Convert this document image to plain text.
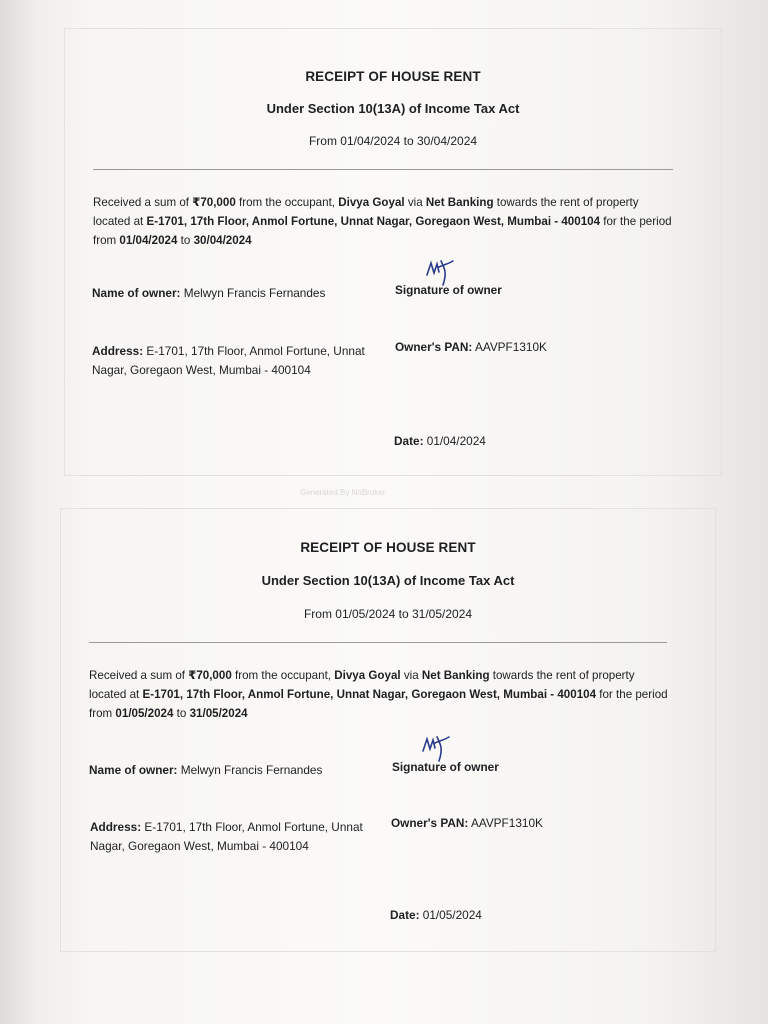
RECEIPT OF HOUSE RENT
Under Section 10(13A) of Income Tax Act
From 01/04/2024 to 30/04/2024
Received a sum of ₹70,000 from the occupant, Divya Goyal via Net Banking towards the rent of property located at E-1701, 17th Floor, Anmol Fortune, Unnat Nagar, Goregaon West, Mumbai - 400104 for the period from 01/04/2024 to 30/04/2024
Name of owner: Melwyn Francis Fernandes	Signature of owner
Address: E-1701, 17th Floor, Anmol Fortune, Unnat Nagar, Goregaon West, Mumbai - 400104
Owner's PAN: AAVPF1310K
Date: 01/04/2024
Generated By NoBroker
RECEIPT OF HOUSE RENT
Under Section 10(13A) of Income Tax Act
From 01/05/2024 to 31/05/2024
Received a sum of ₹70,000 from the occupant, Divya Goyal via Net Banking towards the rent of property located at E-1701, 17th Floor, Anmol Fortune, Unnat Nagar, Goregaon West, Mumbai - 400104 for the period from 01/05/2024 to 31/05/2024
Name of owner: Melwyn Francis Fernandes	Signature of owner
Address: E-1701, 17th Floor, Anmol Fortune, Unnat Nagar, Goregaon West, Mumbai - 400104
Owner's PAN: AAVPF1310K
Date: 01/05/2024
